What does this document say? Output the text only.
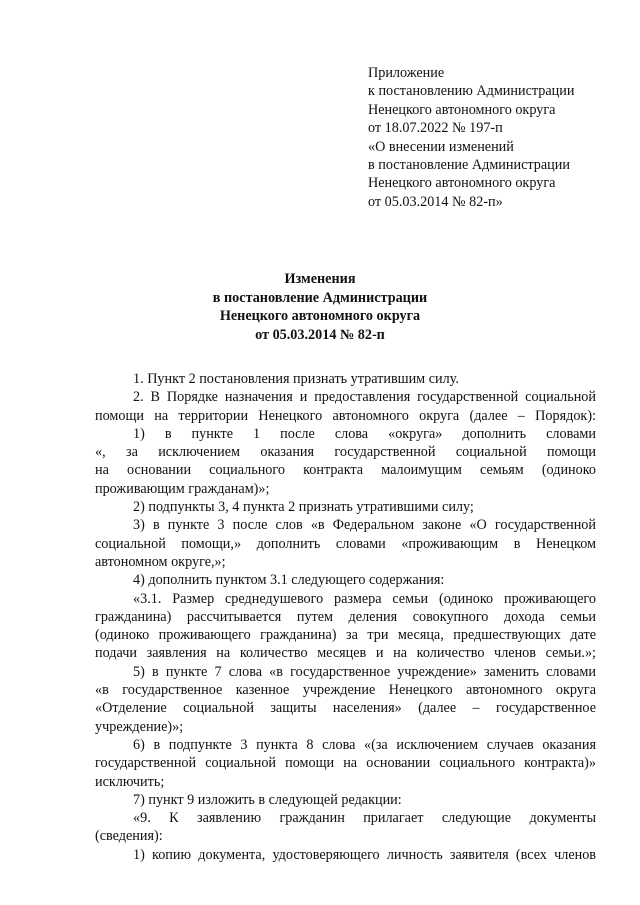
Приложение
к постановлению Администрации
Ненецкого автономного округа
от 18.07.2022 № 197-п
«О внесении изменений
в постановление Администрации
Ненецкого автономного округа
от 05.03.2014 № 82-п»
Изменения
в постановление Администрации
Ненецкого автономного округа
от 05.03.2014 № 82-п
1. Пункт 2 постановления признать утратившим силу.
2. В Порядке назначения и предоставления государственной социальной
помощи на территории Ненецкого автономного округа (далее – Порядок):
1) в пункте 1 после слова «округа» дополнить словами
«, за исключением оказания государственной социальной помощи
на основании социального контракта малоимущим семьям (одиноко
проживающим гражданам)»;
2) подпункты 3, 4 пункта 2 признать утратившими силу;
3) в пункте 3 после слов «в Федеральном законе «О государственной
социальной помощи,» дополнить словами «проживающим в Ненецком
автономном округе,»;
4) дополнить пунктом 3.1 следующего содержания:
«3.1. Размер среднедушевого размера семьи (одиноко проживающего
гражданина) рассчитывается путем деления совокупного дохода семьи
(одиноко проживающего гражданина) за три месяца, предшествующих дате
подачи заявления на количество месяцев и на количество членов семьи.»;
5) в пункте 7 слова «в государственное учреждение» заменить словами
«в государственное казенное учреждение Ненецкого автономного округа
«Отделение социальной защиты населения» (далее – государственное
учреждение)»;
6) в подпункте 3 пункта 8 слова «(за исключением случаев оказания
государственной социальной помощи на основании социального контракта)»
исключить;
7) пункт 9 изложить в следующей редакции:
«9. К заявлению гражданин прилагает следующие документы
(сведения):
1) копию документа, удостоверяющего личность заявителя (всех членов
